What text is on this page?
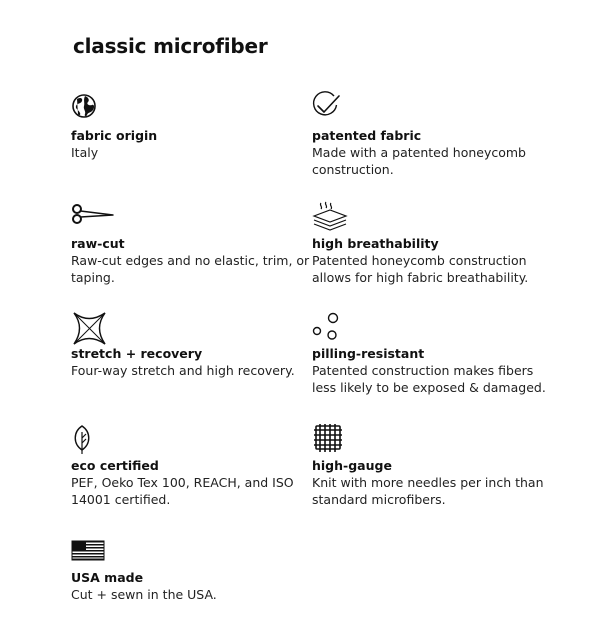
classic microfiber
fabric origin
Italy
patented fabric
Made with a patented honeycomb construction.
raw-cut
Raw-cut edges and no elastic, trim, or taping.
high breathability
Patented honeycomb construction allows for high fabric breathability.
stretch + recovery
Four-way stretch and high recovery.
pilling-resistant
Patented construction makes fibers less likely to be exposed & damaged.
eco certified
PEF, Oeko Tex 100, REACH, and ISO 14001 certified.
high-gauge
Knit with more needles per inch than standard microfibers.
USA made
Cut + sewn in the USA.
